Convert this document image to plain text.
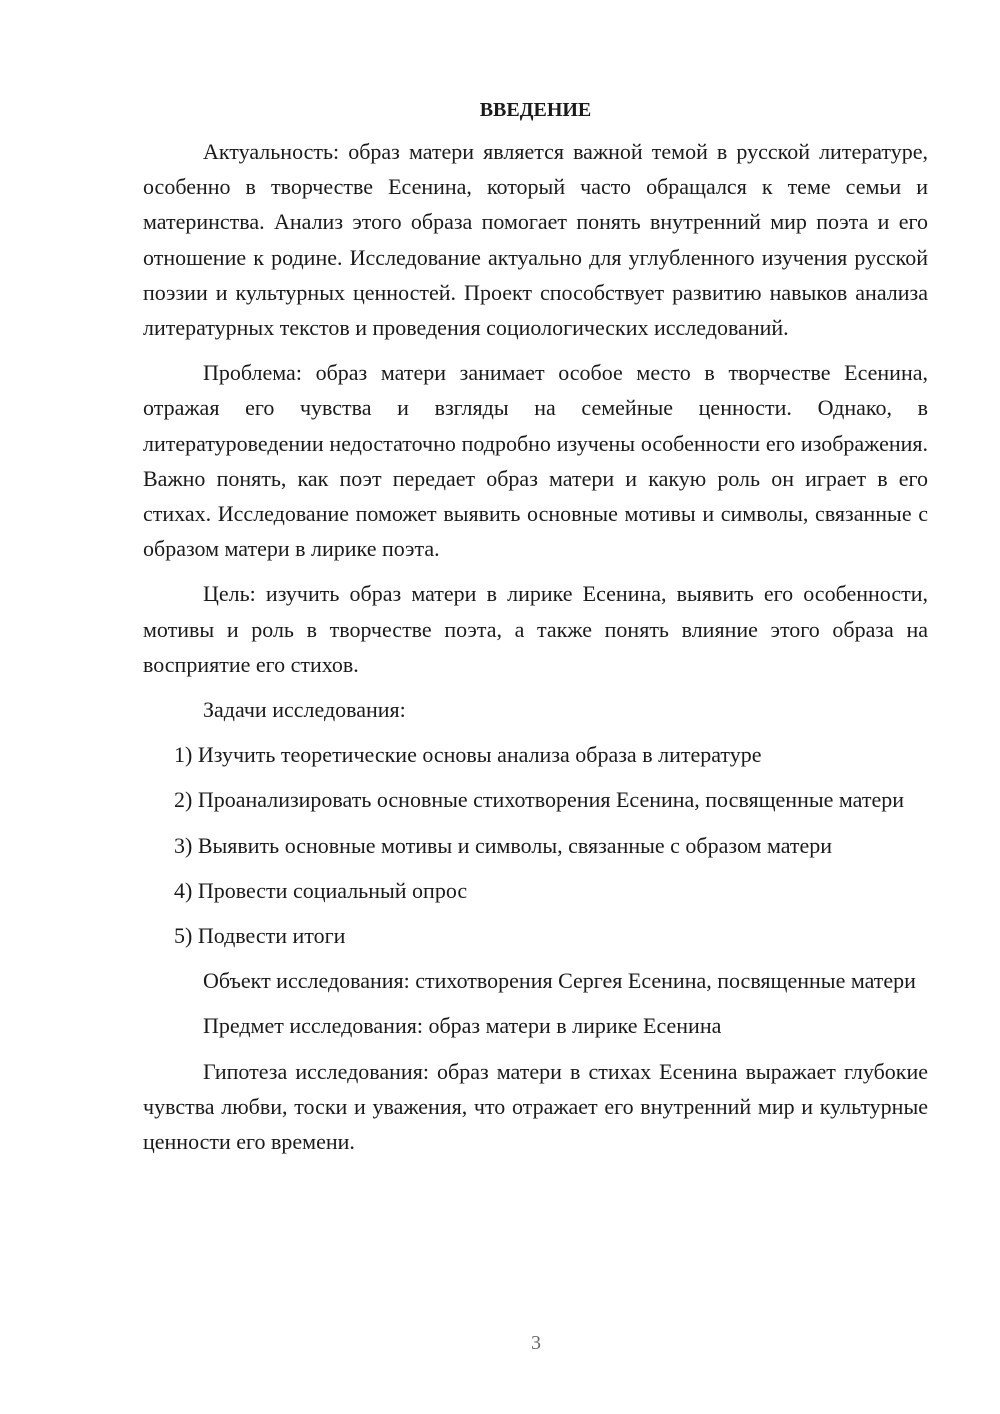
ВВЕДЕНИЕ

Актуальность: образ матери является важной темой в русской литературе, особенно в творчестве Есенина, который часто обращался к теме семьи и материнства. Анализ этого образа помогает понять внутренний мир поэта и его отношение к родине. Исследование актуально для углубленного изучения русской поэзии и культурных ценностей. Проект способствует развитию навыков анализа литературных текстов и проведения социологических исследований.

Проблема: образ матери занимает особое место в творчестве Есенина, отражая его чувства и взгляды на семейные ценности. Однако, в литературоведении недостаточно подробно изучены особенности его изображения. Важно понять, как поэт передает образ матери и какую роль он играет в его стихах. Исследование поможет выявить основные мотивы и символы, связанные с образом матери в лирике поэта.

Цель: изучить образ матери в лирике Есенина, выявить его особенности, мотивы и роль в творчестве поэта, а также понять влияние этого образа на восприятие его стихов.

Задачи исследования:

1) Изучить теоретические основы анализа образа в литературе

2) Проанализировать основные стихотворения Есенина, посвященные матери

3) Выявить основные мотивы и символы, связанные с образом матери

4) Провести социальный опрос

5) Подвести итоги

Объект исследования: стихотворения Сергея Есенина, посвященные матери

Предмет исследования: образ матери в лирике Есенина

Гипотеза исследования: образ матери в стихах Есенина выражает глубокие чувства любви, тоски и уважения, что отражает его внутренний мир и культурные ценности его времени.

3
